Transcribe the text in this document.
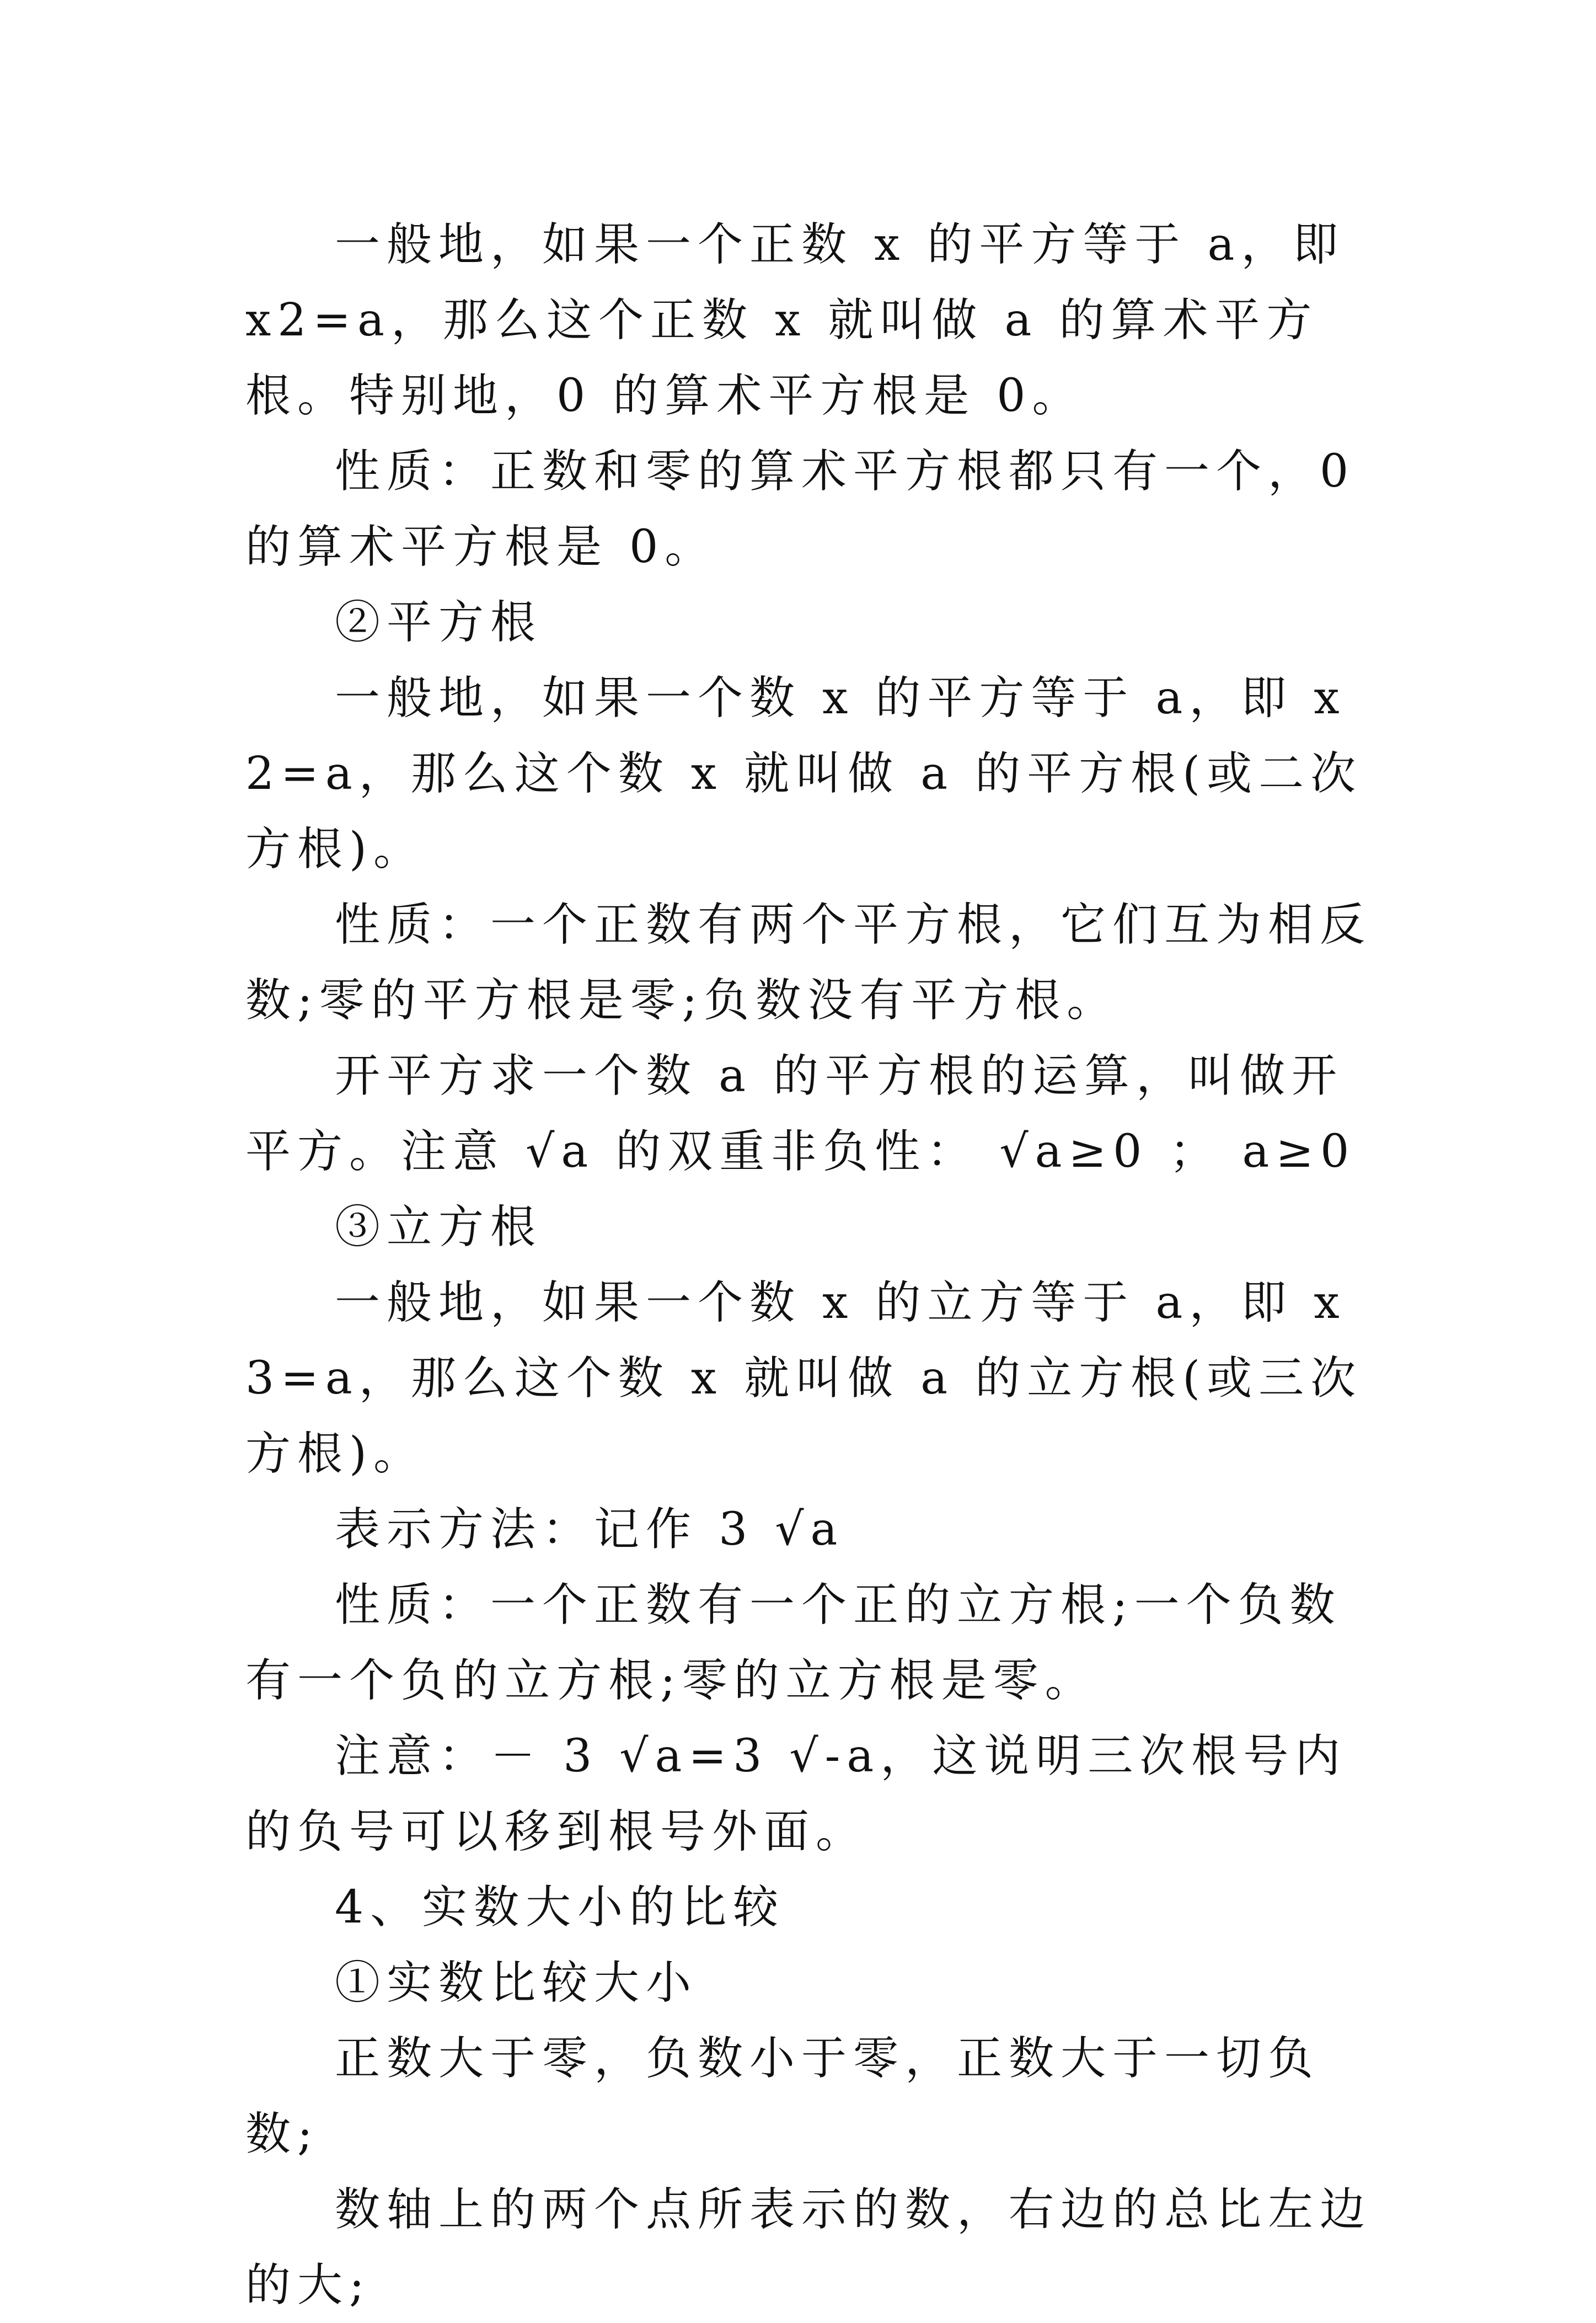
一般地，如果一个正数 x 的平方等于 a，即 x2=a，那么这个正数 x 就叫做 a 的算术平方根。特别地，0 的算术平方根是 0。

性质：正数和零的算术平方根都只有一个，0 的算术平方根是 0。

②平方根

一般地，如果一个数 x 的平方等于 a，即 x2=a，那么这个数 x 就叫做 a 的平方根(或二次方根)。

性质：一个正数有两个平方根，它们互为相反数;零的平方根是零;负数没有平方根。

开平方求一个数 a 的平方根的运算，叫做开平方。注意 √a 的双重非负性： √a≥0 ； a≥0

③立方根

一般地，如果一个数 x 的立方等于 a，即 x3=a，那么这个数 x 就叫做 a 的立方根(或三次方根)。

表示方法：记作 3 √a

性质：一个正数有一个正的立方根;一个负数有一个负的立方根;零的立方根是零。

注意：－ 3 √a=3 √-a，这说明三次根号内的负号可以移到根号外面。

4、实数大小的比较

①实数比较大小

正数大于零，负数小于零，正数大于一切负数;

数轴上的两个点所表示的数，右边的总比左边的大;
